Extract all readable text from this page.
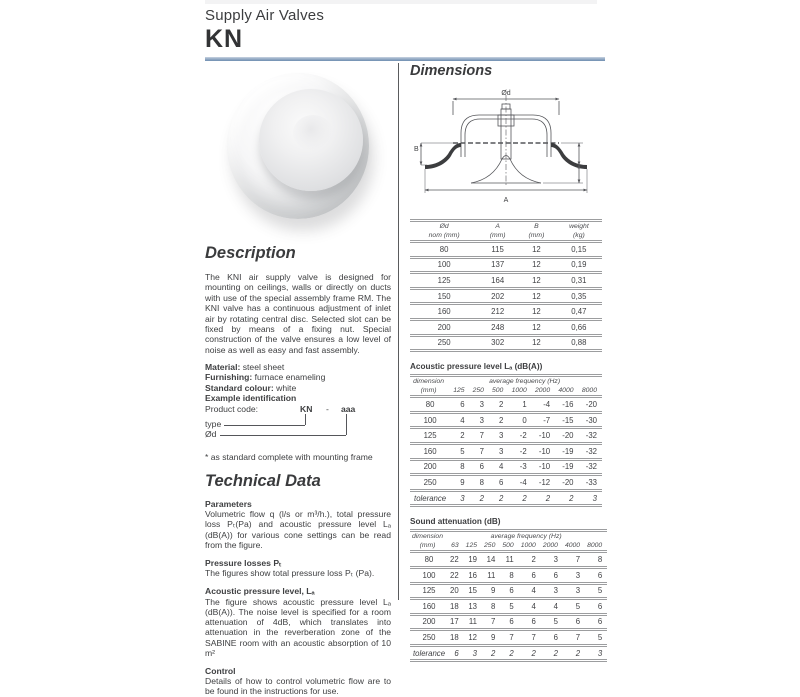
Supply Air Valves
KN
Description
The KNI air supply valve is designed for mounting on ceilings, walls or directly on ducts with use of the special assembly frame RM. The KNI valve has a continuous adjustment of inlet air by rotating central disc. Selected slot can be fixed by means of a fixing nut. Special construction of the valve ensures a low level of noise as well as easy and fast assembly.
Material: steel sheet
Furnishing: furnace enameling
Standard colour: white
Example identification
Product code:	KN - aaa
type
Ød
* as standard complete with mounting frame
Technical Data
Parameters
Volumetric flow q (l/s or m³/h.), total pressure loss Pₜ(Pa) and acoustic pressure level Lₐ (dB(A)) for various cone settings can be read from the figure.
Pressure losses Pₜ
The figures show total pressure loss Pₜ (Pa).
Acoustic pressure level, Lₐ
The figure shows acoustic pressure level Lₐ (dB(A)). The noise level is specified for a room attenuation of 4dB, which translates into attenuation in the reverberation zone of the SABINE room with an acoustic absorption of 10 m²
Control
Details of how to control volumetric flow are to be found in the instructions for use.
Dimensions
Ød
B
A
Ød	A	B	weight
nom (mm)	(mm)	(mm)	(kg)
80	115	12	0,15
100	137	12	0,19
125	164	12	0,31
150	202	12	0,35
160	212	12	0,47
200	248	12	0,66
250	302	12	0,88
Acoustic pressure level Lₐ (dB(A))
dimension	average frequency (Hz)						
(mm)	125	250	500	1000	2000	4000	8000
80	6	3	2	1	-4	-16	-20
100	4	3	2	0	-7	-15	-30
125	2	7	3	-2	-10	-20	-32
160	5	7	3	-2	-10	-19	-32
200	8	6	4	-3	-10	-19	-32
250	9	8	6	-4	-12	-20	-33
tolerance	3	2	2	2	2	2	3
Sound attenuation (dB)
dimension	average frequency (Hz)							
(mm)	63	125	250	500	1000	2000	4000	8000
80	22	19	14	11	2	3	7	8
100	22	16	11	8	6	6	3	6
125	20	15	9	6	4	3	3	5
160	18	13	8	5	4	4	5	6
200	17	11	7	6	6	5	6	6
250	18	12	9	7	7	6	7	5
tolerance	6	3	2	2	2	2	2	3
